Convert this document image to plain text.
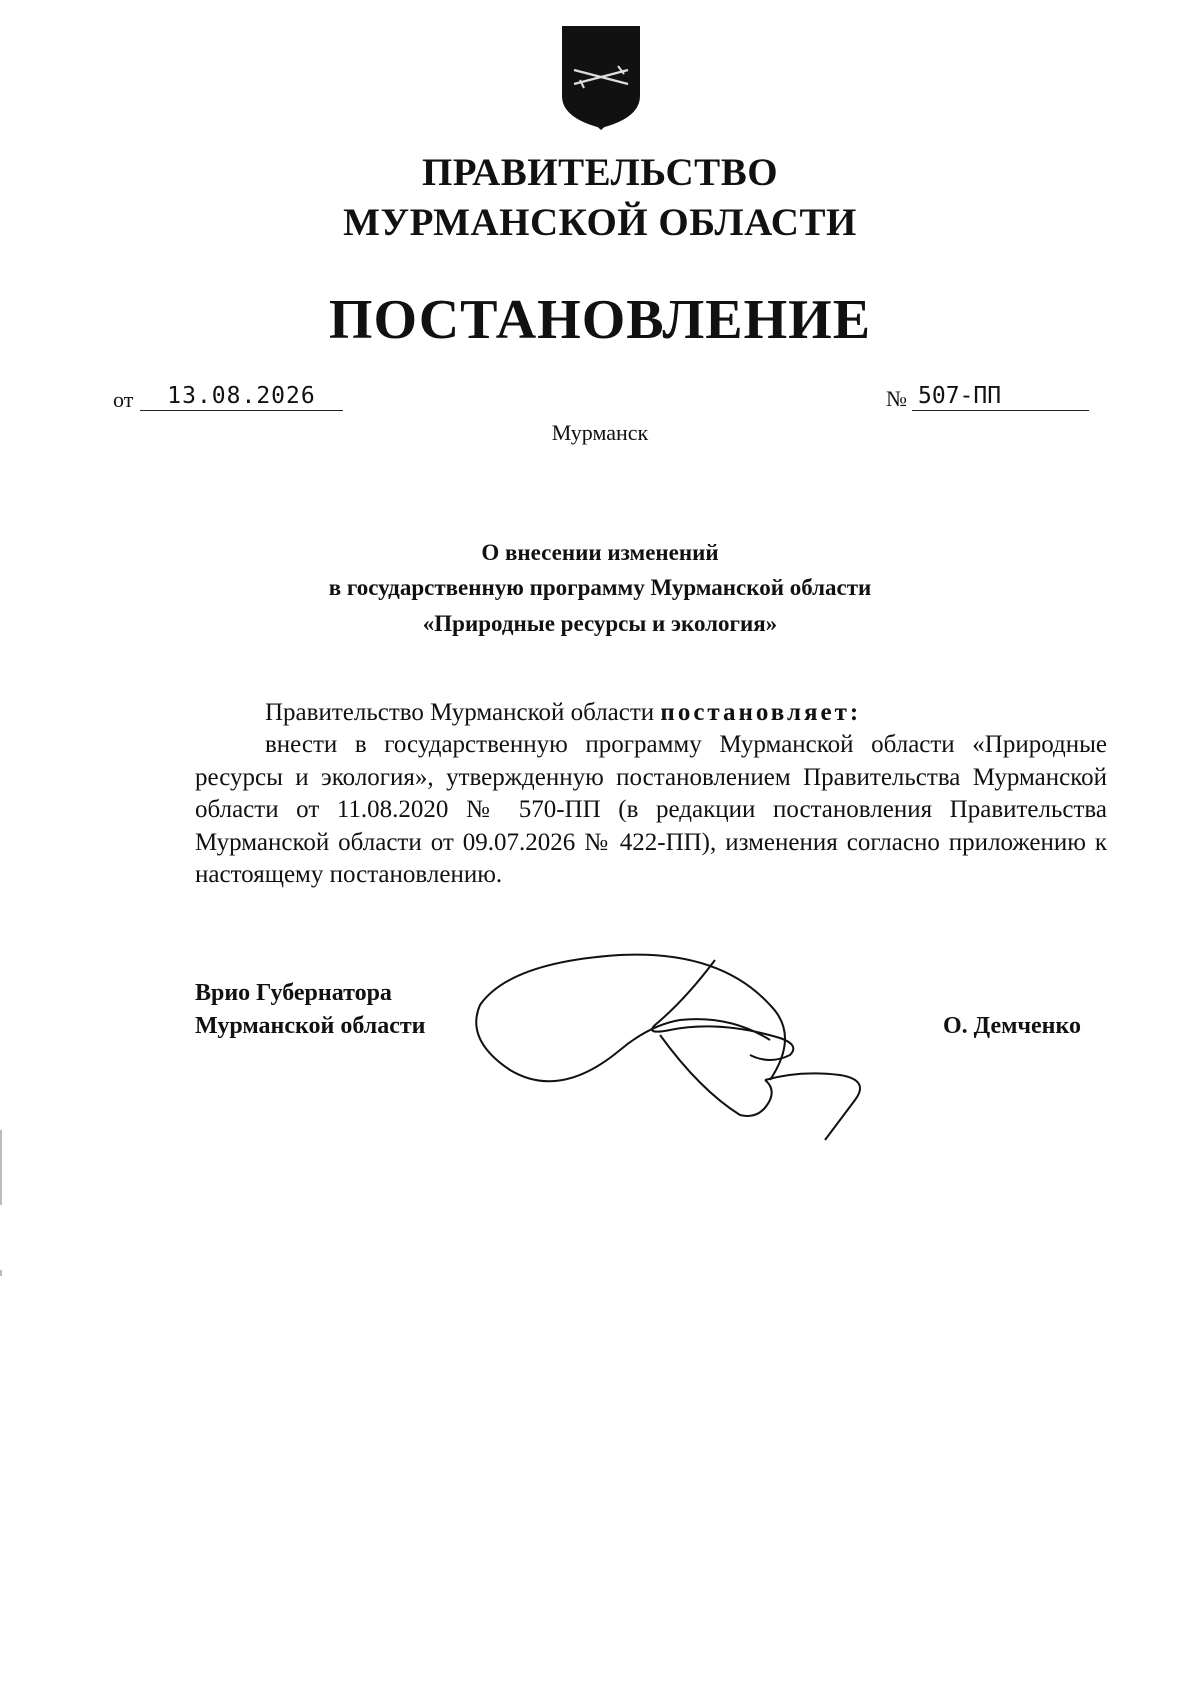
ПРАВИТЕЛЬСТВО
МУРМАНСКОЙ ОБЛАСТИ
ПОСТАНОВЛЕНИЕ
от	13.08.2026	№ 507-ПП
Мурманск
О внесении изменений
в государственную программу Мурманской области
«Природные ресурсы и экология»
Правительство Мурманской области постановляет:
внести в государственную программу Мурманской области «Природные ресурсы и экология», утвержденную постановлением Правительства Мурманской области от 11.08.2020 № 570-ПП (в редакции постановления Правительства Мурманской области от 09.07.2026 № 422-ПП), изменения согласно приложению к настоящему постановлению.
Врио Губернатора
Мурманской области	О. Демченко
